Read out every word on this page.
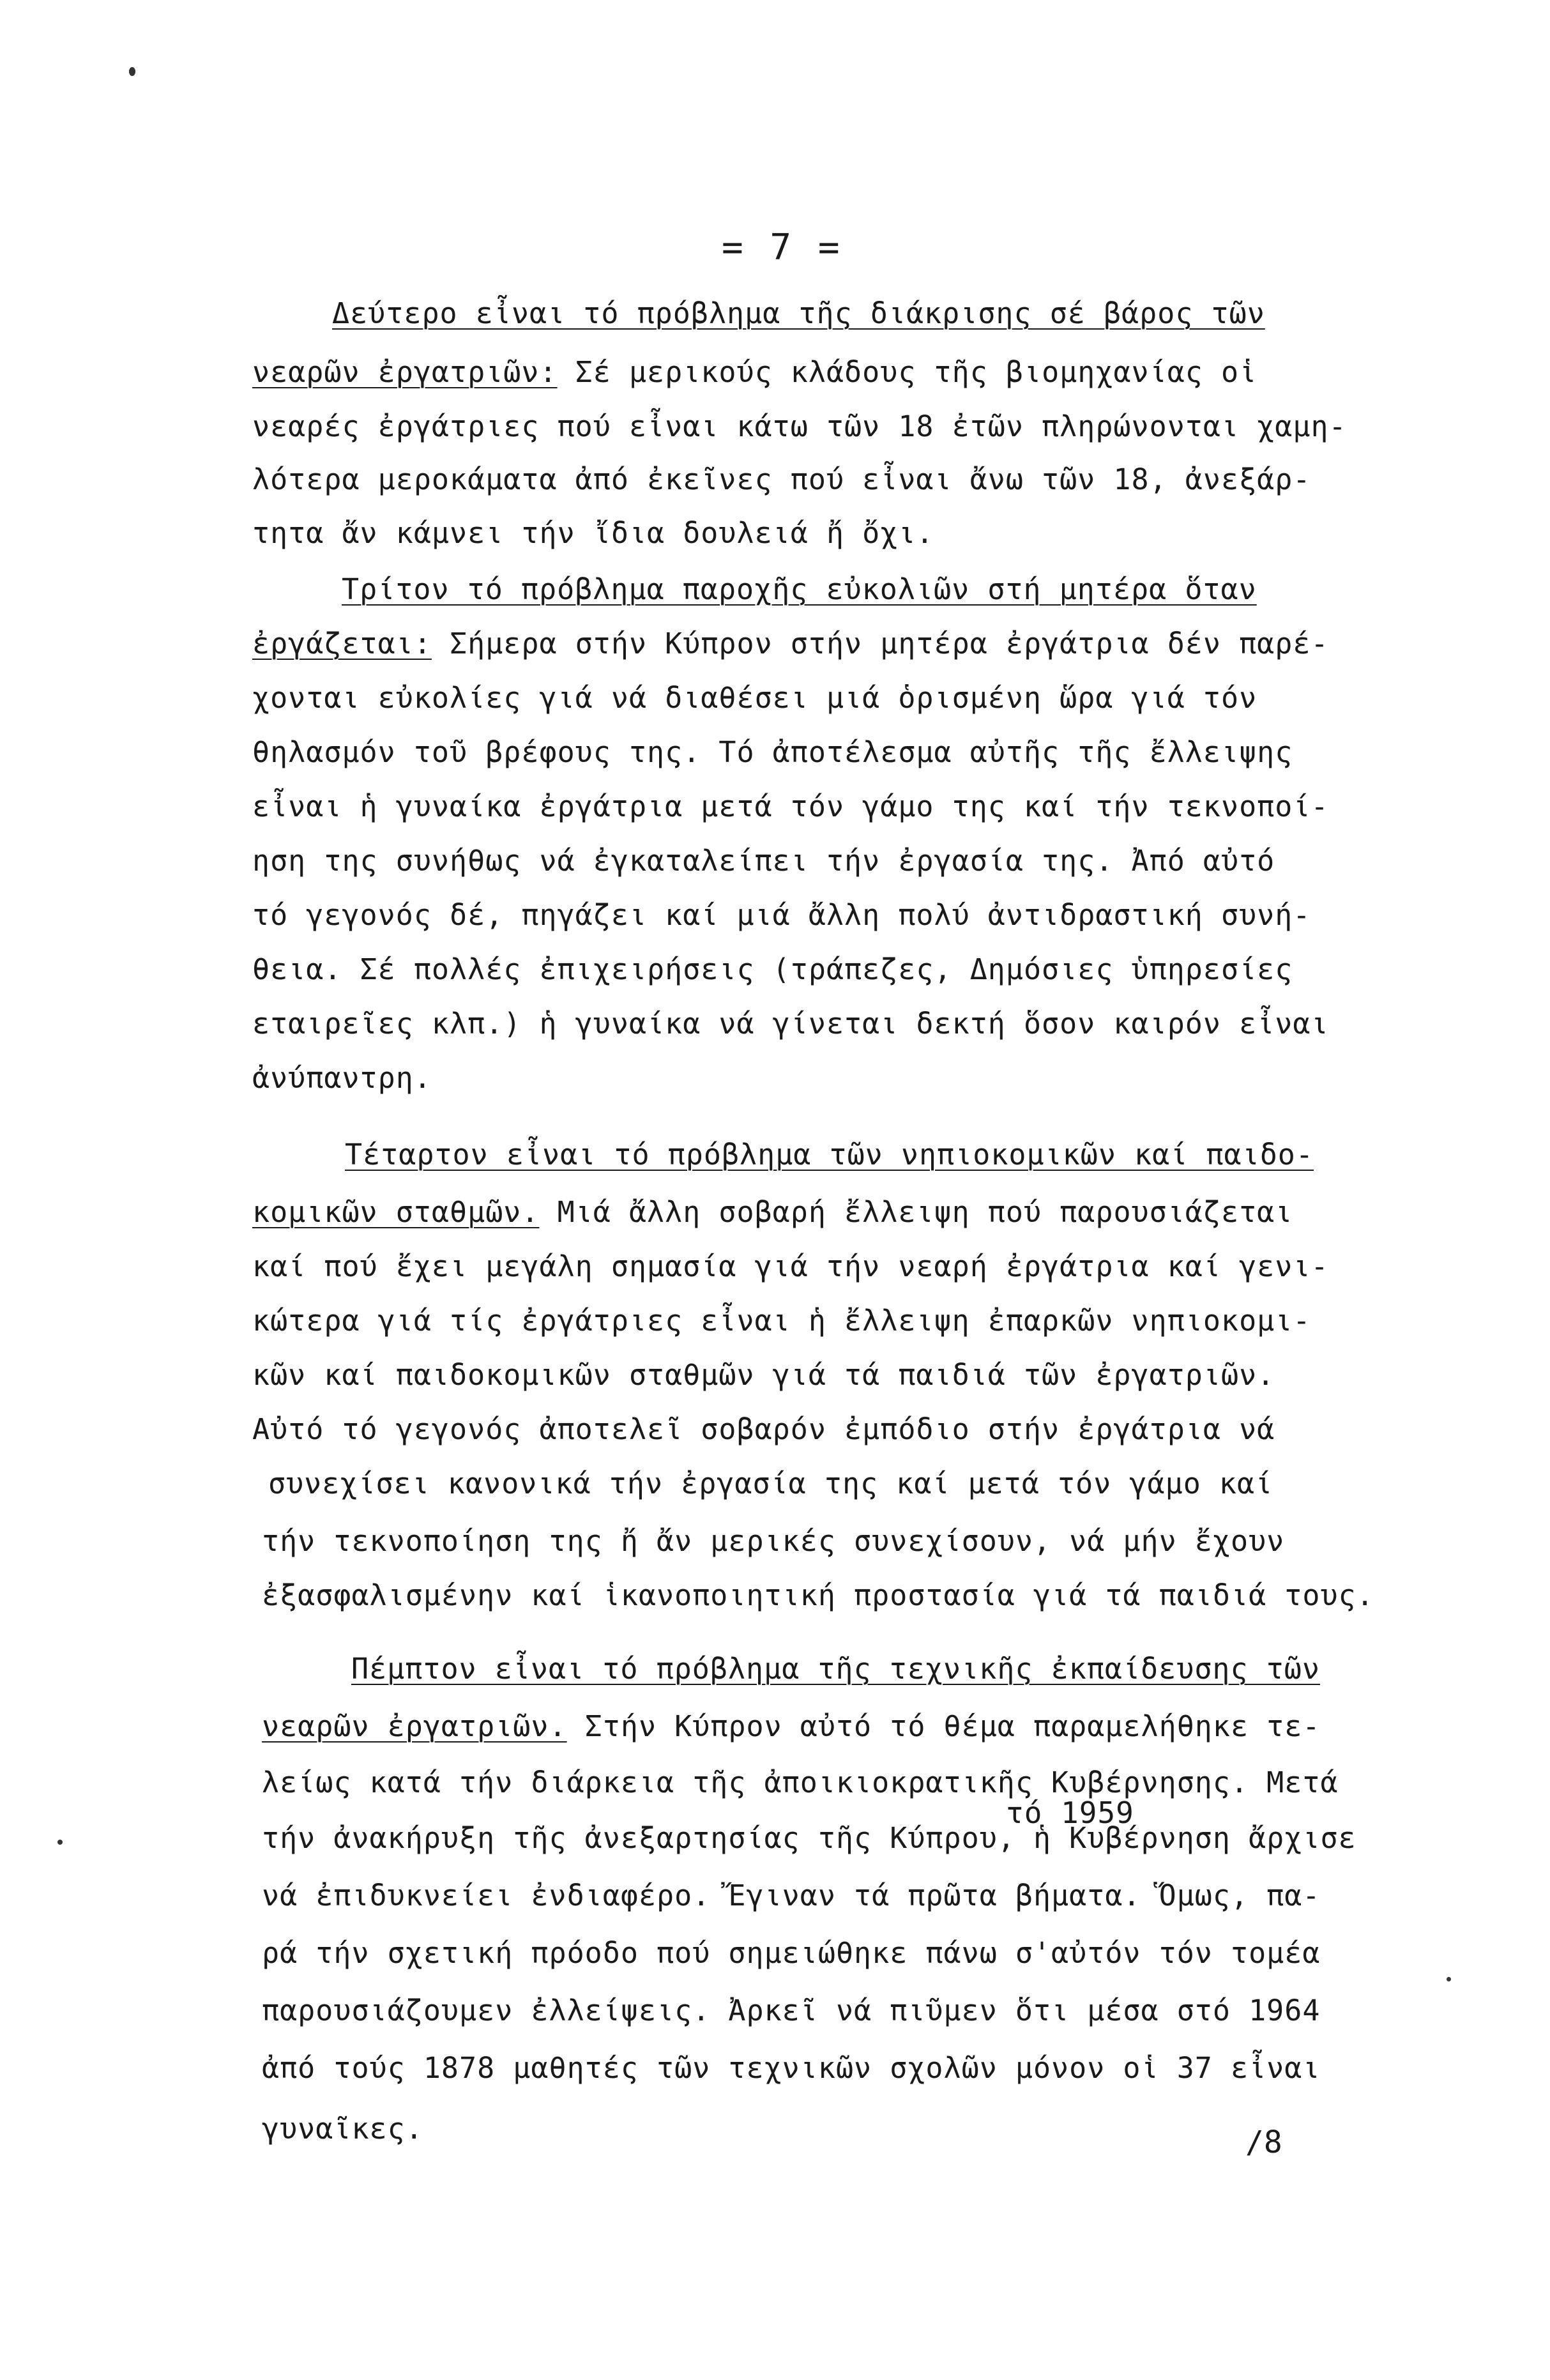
= 7 =
Δεύτερο εἶναι τό πρόβλημα τῆς διάκρισης σέ βάρος τῶν
νεαρῶν ἐργατριῶν: Σέ μερικούς κλάδους τῆς βιομηχανίας οἱ
νεαρές ἐργάτριες πού εἶναι κάτω τῶν 18 ἐτῶν πληρώνονται χαμη-
λότερα μεροκάματα ἀπό ἐκεῖνες πού εἶναι ἄνω τῶν 18, ἀνεξάρ-
τητα ἄν κάμνει τήν ἴδια δουλειά ἤ ὄχι.
Τρίτον τό πρόβλημα παροχῆς εὐκολιῶν στή μητέρα ὅταν
ἐργάζεται: Σήμερα στήν Κύπρον στήν μητέρα ἐργάτρια δέν παρέ-
χονται εὐκολίες γιά νά διαθέσει μιά ὁρισμένη ὥρα γιά τόν
θηλασμόν τοῦ βρέφους της. Τό ἀποτέλεσμα αὐτῆς τῆς ἔλλειψης
εἶναι ἡ γυναίκα ἐργάτρια μετά τόν γάμο της καί τήν τεκνοποί-
ηση της συνήθως νά ἐγκαταλείπει τήν ἐργασία της. Ἀπό αὐτό
τό γεγονός δέ, πηγάζει καί μιά ἄλλη πολύ ἀντιδραστική συνή-
θεια. Σέ πολλές ἐπιχειρήσεις (τράπεζες, Δημόσιες ὑπηρεσίες
εταιρεῖες κλπ.) ἡ γυναίκα νά γίνεται δεκτή ὅσον καιρόν εἶναι
ἀνύπαντρη.
Τέταρτον εἶναι τό πρόβλημα τῶν νηπιοκομικῶν καί παιδο-
κομικῶν σταθμῶν. Μιά ἄλλη σοβαρή ἔλλειψη πού παρουσιάζεται
καί πού ἔχει μεγάλη σημασία γιά τήν νεαρή ἐργάτρια καί γενι-
κώτερα γιά τίς ἐργάτριες εἶναι ἡ ἔλλειψη ἐπαρκῶν νηπιοκομι-
κῶν καί παιδοκομικῶν σταθμῶν γιά τά παιδιά τῶν ἐργατριῶν.
Αὐτό τό γεγονός ἀποτελεῖ σοβαρόν ἐμπόδιο στήν ἐργάτρια νά
συνεχίσει κανονικά τήν ἐργασία της καί μετά τόν γάμο καί
τήν τεκνοποίηση της ἤ ἄν μερικές συνεχίσουν, νά μήν ἔχουν
ἐξασφαλισμένην καί ἱκανοποιητική προστασία γιά τά παιδιά τους.
Πέμπτον εἶναι τό πρόβλημα τῆς τεχνικῆς ἐκπαίδευσης τῶν
νεαρῶν ἐργατριῶν. Στήν Κύπρον αὐτό τό θέμα παραμελήθηκε τε-
λείως κατά τήν διάρκεια τῆς ἀποικιοκρατικῆς Κυβέρνησης. Μετά
τήν ἀνακήρυξη τῆς ἀνεξαρτησίας τῆς Κύπρου, ἡ Κυβέρνηση ἄρχισε
νά ἐπιδυκνείει ἐνδιαφέρο. Ἔγιναν τά πρῶτα βήματα. Ὅμως, πα-
ρά τήν σχετική πρόοδο πού σημειώθηκε πάνω σ'αὐτόν τόν τομέα
παρουσιάζουμεν ἐλλείψεις. Ἀρκεῖ νά πιῦμεν ὅτι μέσα στό 1964
ἀπό τούς 1878 μαθητές τῶν τεχνικῶν σχολῶν μόνον οἱ 37 εἶναι
γυναῖκες.
τό 1959
/8
